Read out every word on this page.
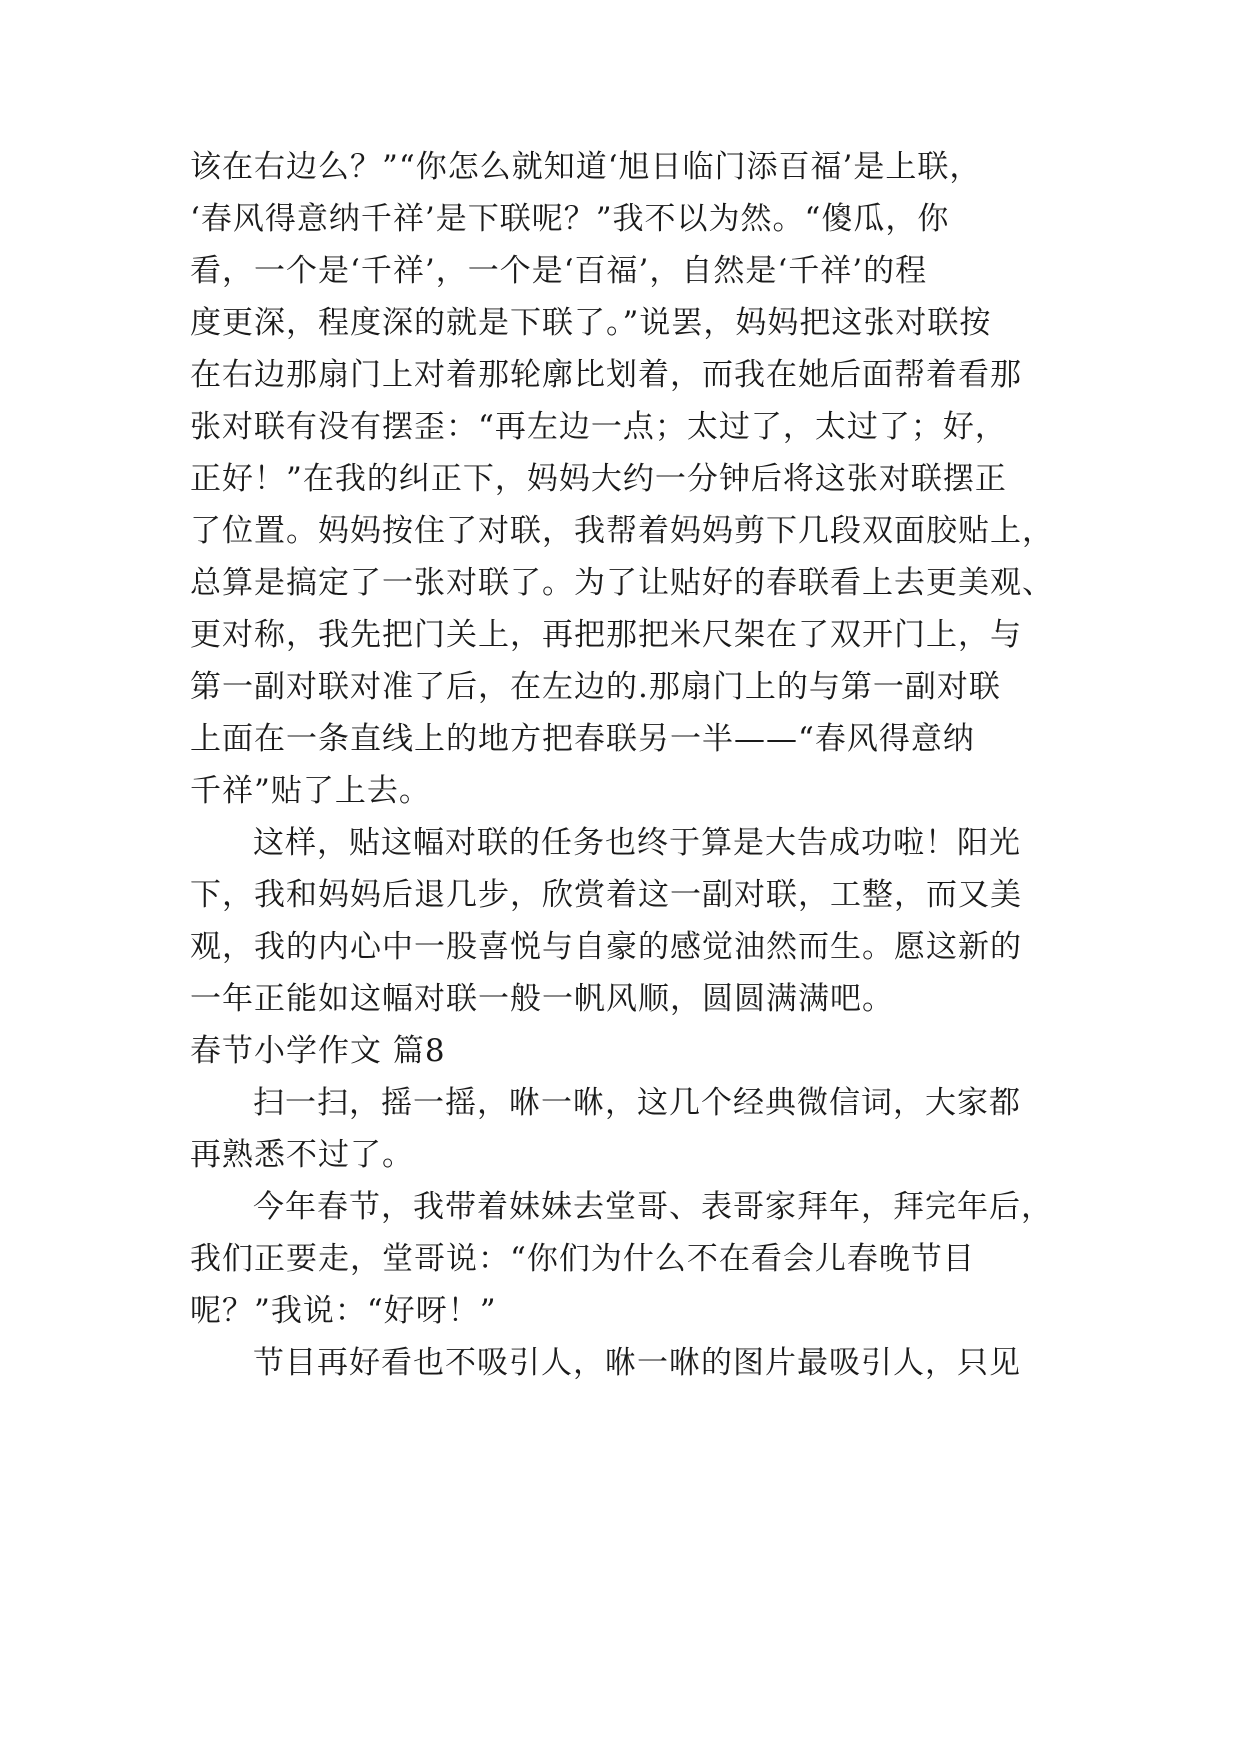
该在右边么？”“你怎么就知道‘旭日临门添百福’是上联，
‘春风得意纳千祥’是下联呢？”我不以为然。“傻瓜，你
看，一个是‘千祥’，一个是‘百福’，自然是‘千祥’的程
度更深，程度深的就是下联了。”说罢，妈妈把这张对联按
在右边那扇门上对着那轮廓比划着，而我在她后面帮着看那
张对联有没有摆歪：“再左边一点；太过了，太过了；好，
正好！”在我的纠正下，妈妈大约一分钟后将这张对联摆正
了位置。妈妈按住了对联，我帮着妈妈剪下几段双面胶贴上，
总算是搞定了一张对联了。为了让贴好的春联看上去更美观、
更对称，我先把门关上，再把那把米尺架在了双开门上，与
第一副对联对准了后，在左边的.那扇门上的与第一副对联
上面在一条直线上的地方把春联另一半——“春风得意纳
千祥”贴了上去。
这样，贴这幅对联的任务也终于算是大告成功啦！阳光
下，我和妈妈后退几步，欣赏着这一副对联，工整，而又美
观，我的内心中一股喜悦与自豪的感觉油然而生。愿这新的
一年正能如这幅对联一般一帆风顺，圆圆满满吧。
春节小学作文 篇8
扫一扫，摇一摇，咻一咻，这几个经典微信词，大家都
再熟悉不过了。
今年春节，我带着妹妹去堂哥、表哥家拜年，拜完年后，
我们正要走，堂哥说：“你们为什么不在看会儿春晚节目
呢？”我说：“好呀！”
节目再好看也不吸引人，咻一咻的图片最吸引人，只见
